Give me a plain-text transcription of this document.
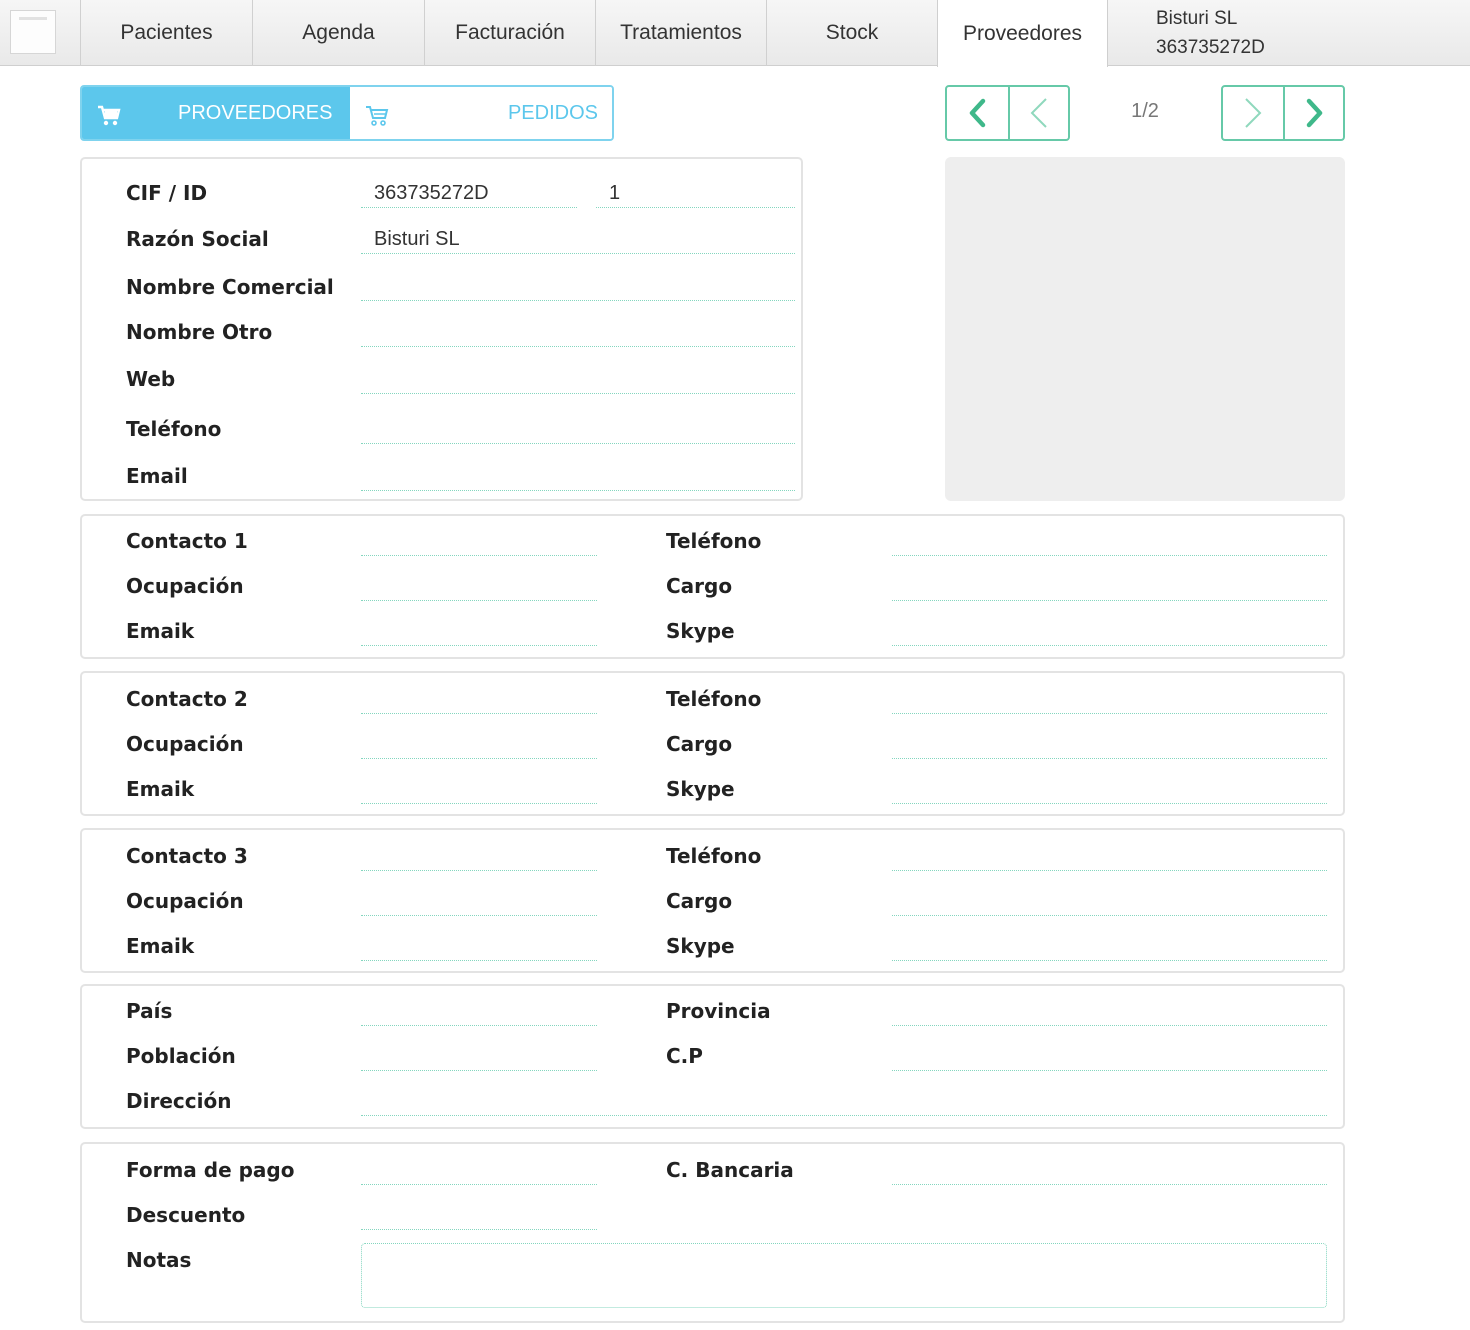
Pacientes	Agenda	Facturación	Tratamientos	Stock	Proveedores
Bisturi SL
363735272D
PROVEEDORES	PEDIDOS	1/2
CIF / ID	363735272D	1
Razón Social	Bisturi SL
Nombre Comercial
Nombre Otro
Web
Teléfono
Email
Contacto 1	Teléfono
Ocupación	Cargo
Emaik	Skype
Contacto 2	Teléfono
Ocupación	Cargo
Emaik	Skype
Contacto 3	Teléfono
Ocupación	Cargo
Emaik	Skype
País	Provincia
Población	C.P
Dirección
Forma de pago	C. Bancaria
Descuento
Notas
